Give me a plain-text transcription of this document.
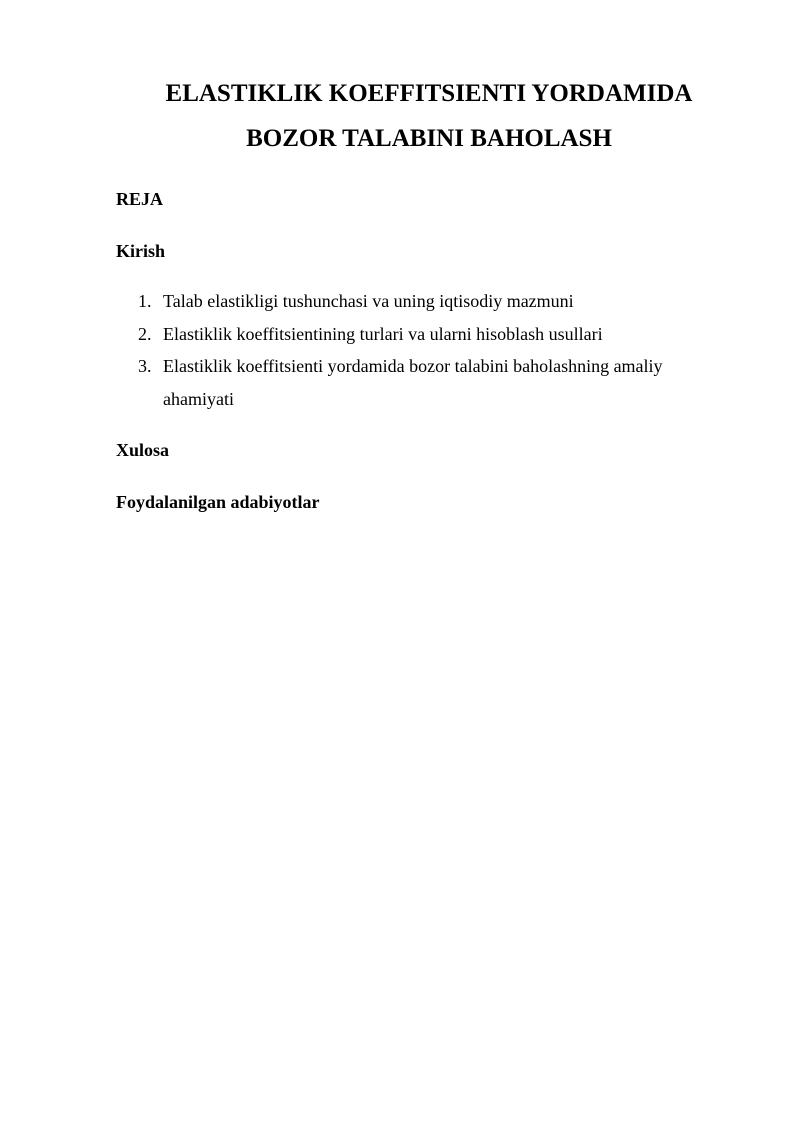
ELASTIKLIK KOEFFITSIENTI YORDAMIDA
BOZOR TALABINI BAHOLASH
REJA
Kirish
1. Talab elastikligi tushunchasi va uning iqtisodiy mazmuni
2. Elastiklik koeffitsientining turlari va ularni hisoblash usullari
3. Elastiklik koeffitsienti yordamida bozor talabini baholashning amaliy
ahamiyati
Xulosa
Foydalanilgan adabiyotlar
